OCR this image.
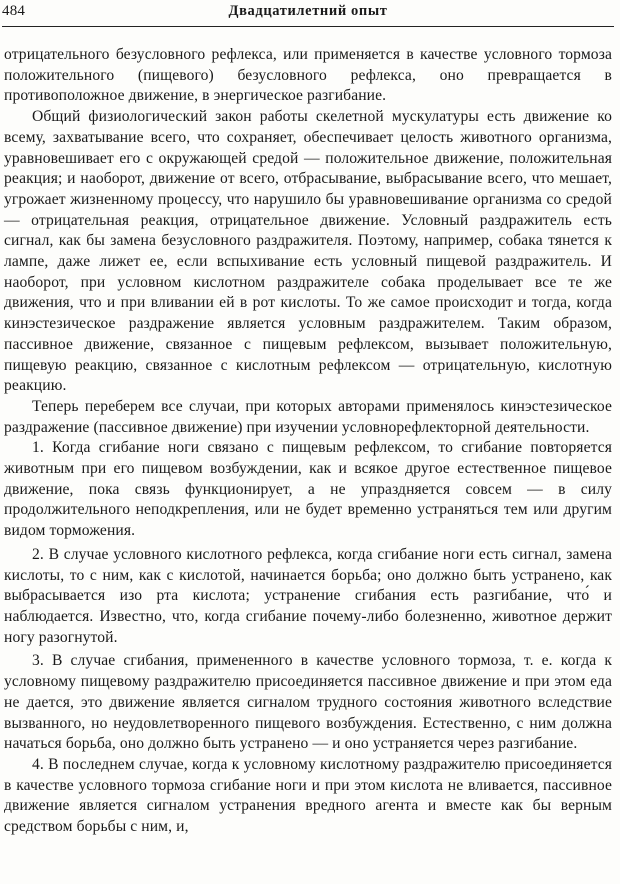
484	Двадцатилетний опыт

отрицательного безусловного рефлекса, или применяется в качестве условного тормоза положительного (пищевого) безусловного рефлекса, оно превращается в противоположное движение, в энергическое разгибание.

Общий физиологический закон работы скелетной мускулатуры есть движение ко всему, захватывание всего, что сохраняет, обеспечивает целость животного организма, уравновешивает его с окружающей средой — положительное движение, положительная реакция; и наоборот, движение от всего, отбрасывание, выбрасывание всего, что мешает, угрожает жизненному процессу, что нарушило бы уравновешивание организма со средой — отрицательная реакция, отрицательное движение. Условный раздражитель есть сигнал, как бы замена безусловного раздражителя. Поэтому, например, собака тянется к лампе, даже лижет ее, если вспыхивание есть условный пищевой раздражитель. И наоборот, при условном кислотном раздражителе собака проделывает все те же движения, что и при вливании ей в рот кислоты. То же самое происходит и тогда, когда кинэстезическое раздражение является условным раздражителем. Таким образом, пассивное движение, связанное с пищевым рефлексом, вызывает положительную, пищевую реакцию, связанное с кислотным рефлексом — отрицательную, кислотную реакцию.

Теперь переберем все случаи, при которых авторами применялось кинэстезическое раздражение (пассивное движение) при изучении условнорефлекторной деятельности.

1. Когда сгибание ноги связано с пищевым рефлексом, то сгибание повторяется животным при его пищевом возбуждении, как и всякое другое естественное пищевое движение, пока связь функционирует, а не упраздняется совсем — в силу продолжительного неподкрепления, или не будет временно устраняться тем или другим видом торможения.

2. В случае условного кислотного рефлекса, когда сгибание ноги есть сигнал, замена кислоты, то с ним, как с кислотой, начинается борьба; оно должно быть устранено, как выбрасывается изо рта кислота; устранение сгибания есть разгибание, что́ и наблюдается. Известно, что, когда сгибание почему-либо болезненно, животное держит ногу разогнутой.

3. В случае сгибания, примененного в качестве условного тормоза, т. е. когда к условному пищевому раздражителю присоединяется пассивное движение и при этом еда не дается, это движение является сигналом трудного состояния животного вследствие вызванного, но неудовлетворенного пищевого возбуждения. Естественно, с ним должна начаться борьба, оно должно быть устранено — и оно устраняется через разгибание.

4. В последнем случае, когда к условному кислотному раздражителю присоединяется в качестве условного тормоза сгибание ноги и при этом кислота не вливается, пассивное движение является сигналом устранения вредного агента и вместе как бы верным средством борьбы с ним, и,
